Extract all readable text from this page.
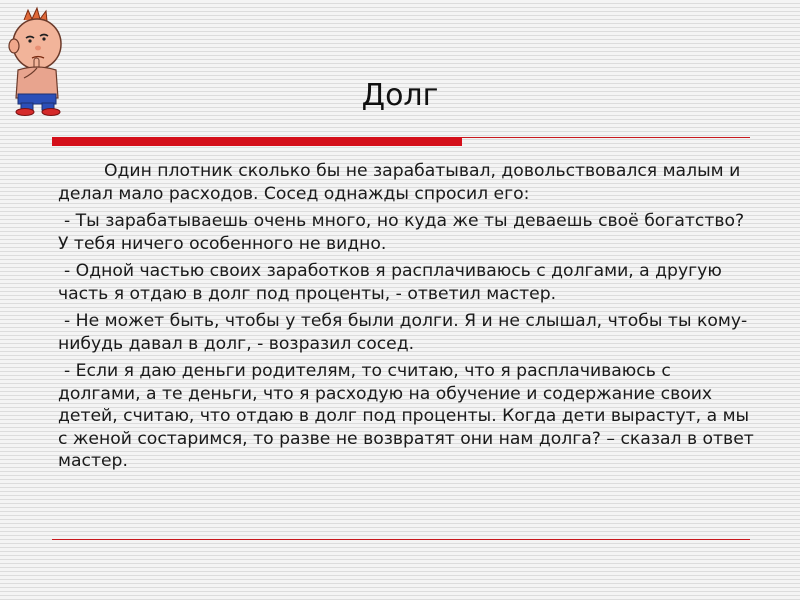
Долг

Один плотник сколько бы не зарабатывал, довольствовался малым и делал мало расходов. Сосед однажды спросил его:

- Ты зарабатываешь очень много, но куда же ты деваешь своё богатство? У тебя ничего особенного не видно.

- Одной частью своих заработков я расплачиваюсь с долгами, а другую часть я отдаю в долг под проценты, - ответил мастер.

- Не может быть, чтобы у тебя были долги. Я и не слышал, чтобы ты кому-нибудь давал в долг, - возразил сосед.

- Если я даю деньги родителям, то считаю, что я расплачиваюсь с долгами, а те деньги, что я расходую на обучение и содержание своих детей, считаю, что отдаю в долг под проценты. Когда дети вырастут, а мы с женой состаримся, то разве не возвратят они нам долга? – сказал в ответ мастер.
